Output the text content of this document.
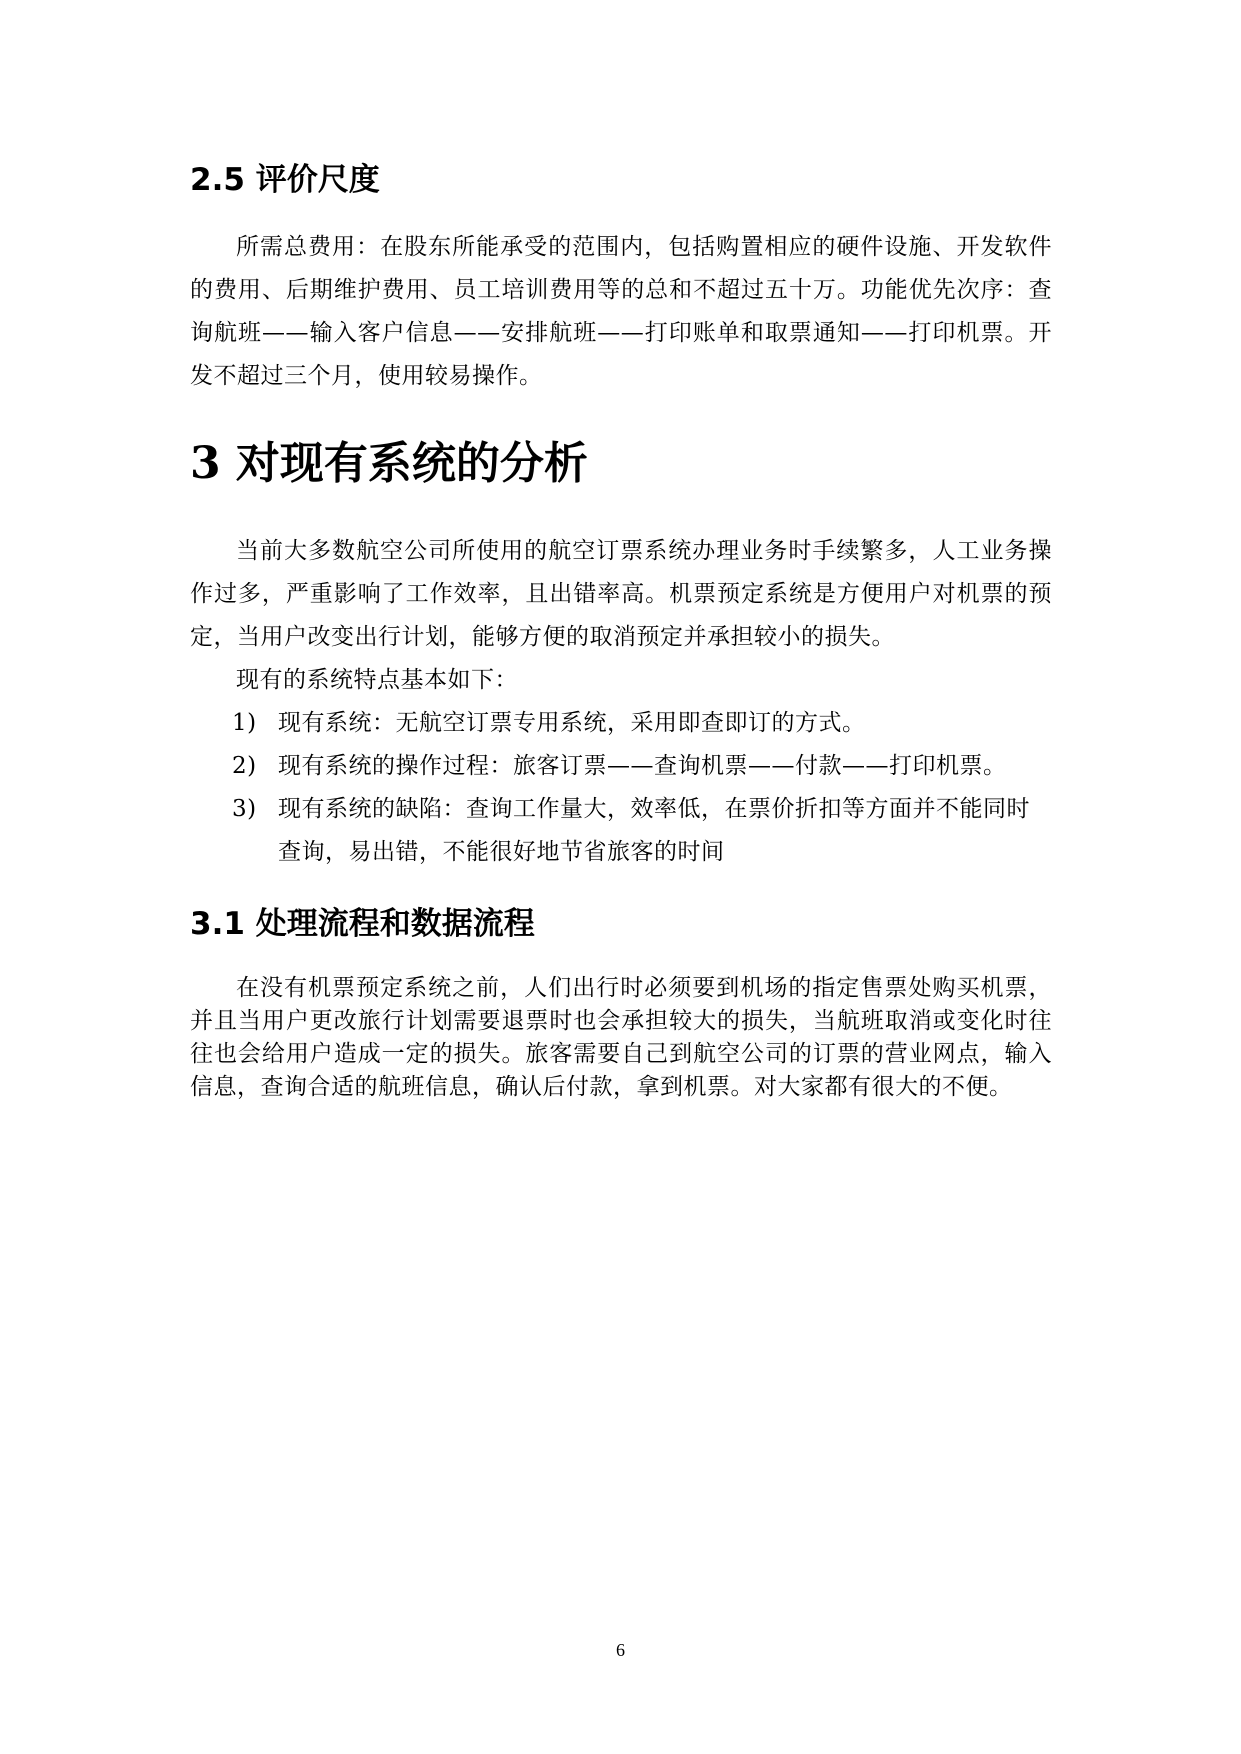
2.5 评价尺度

所需总费用：在股东所能承受的范围内，包括购置相应的硬件设施、开发软件的费用、后期维护费用、员工培训费用等的总和不超过五十万。功能优先次序：查询航班——输入客户信息——安排航班——打印账单和取票通知——打印机票。开发不超过三个月，使用较易操作。

3 对现有系统的分析

当前大多数航空公司所使用的航空订票系统办理业务时手续繁多，人工业务操作过多，严重影响了工作效率，且出错率高。机票预定系统是方便用户对机票的预定，当用户改变出行计划，能够方便的取消预定并承担较小的损失。

现有的系统特点基本如下：

1) 现有系统：无航空订票专用系统，采用即查即订的方式。
2) 现有系统的操作过程：旅客订票——查询机票——付款——打印机票。
3) 现有系统的缺陷：查询工作量大，效率低，在票价折扣等方面并不能同时查询，易出错，不能很好地节省旅客的时间
3.1 处理流程和数据流程

在没有机票预定系统之前，人们出行时必须要到机场的指定售票处购买机票，并且当用户更改旅行计划需要退票时也会承担较大的损失，当航班取消或变化时往往也会给用户造成一定的损失。旅客需要自己到航空公司的订票的营业网点，输入信息，查询合适的航班信息，确认后付款，拿到机票。对大家都有很大的不便。

6
